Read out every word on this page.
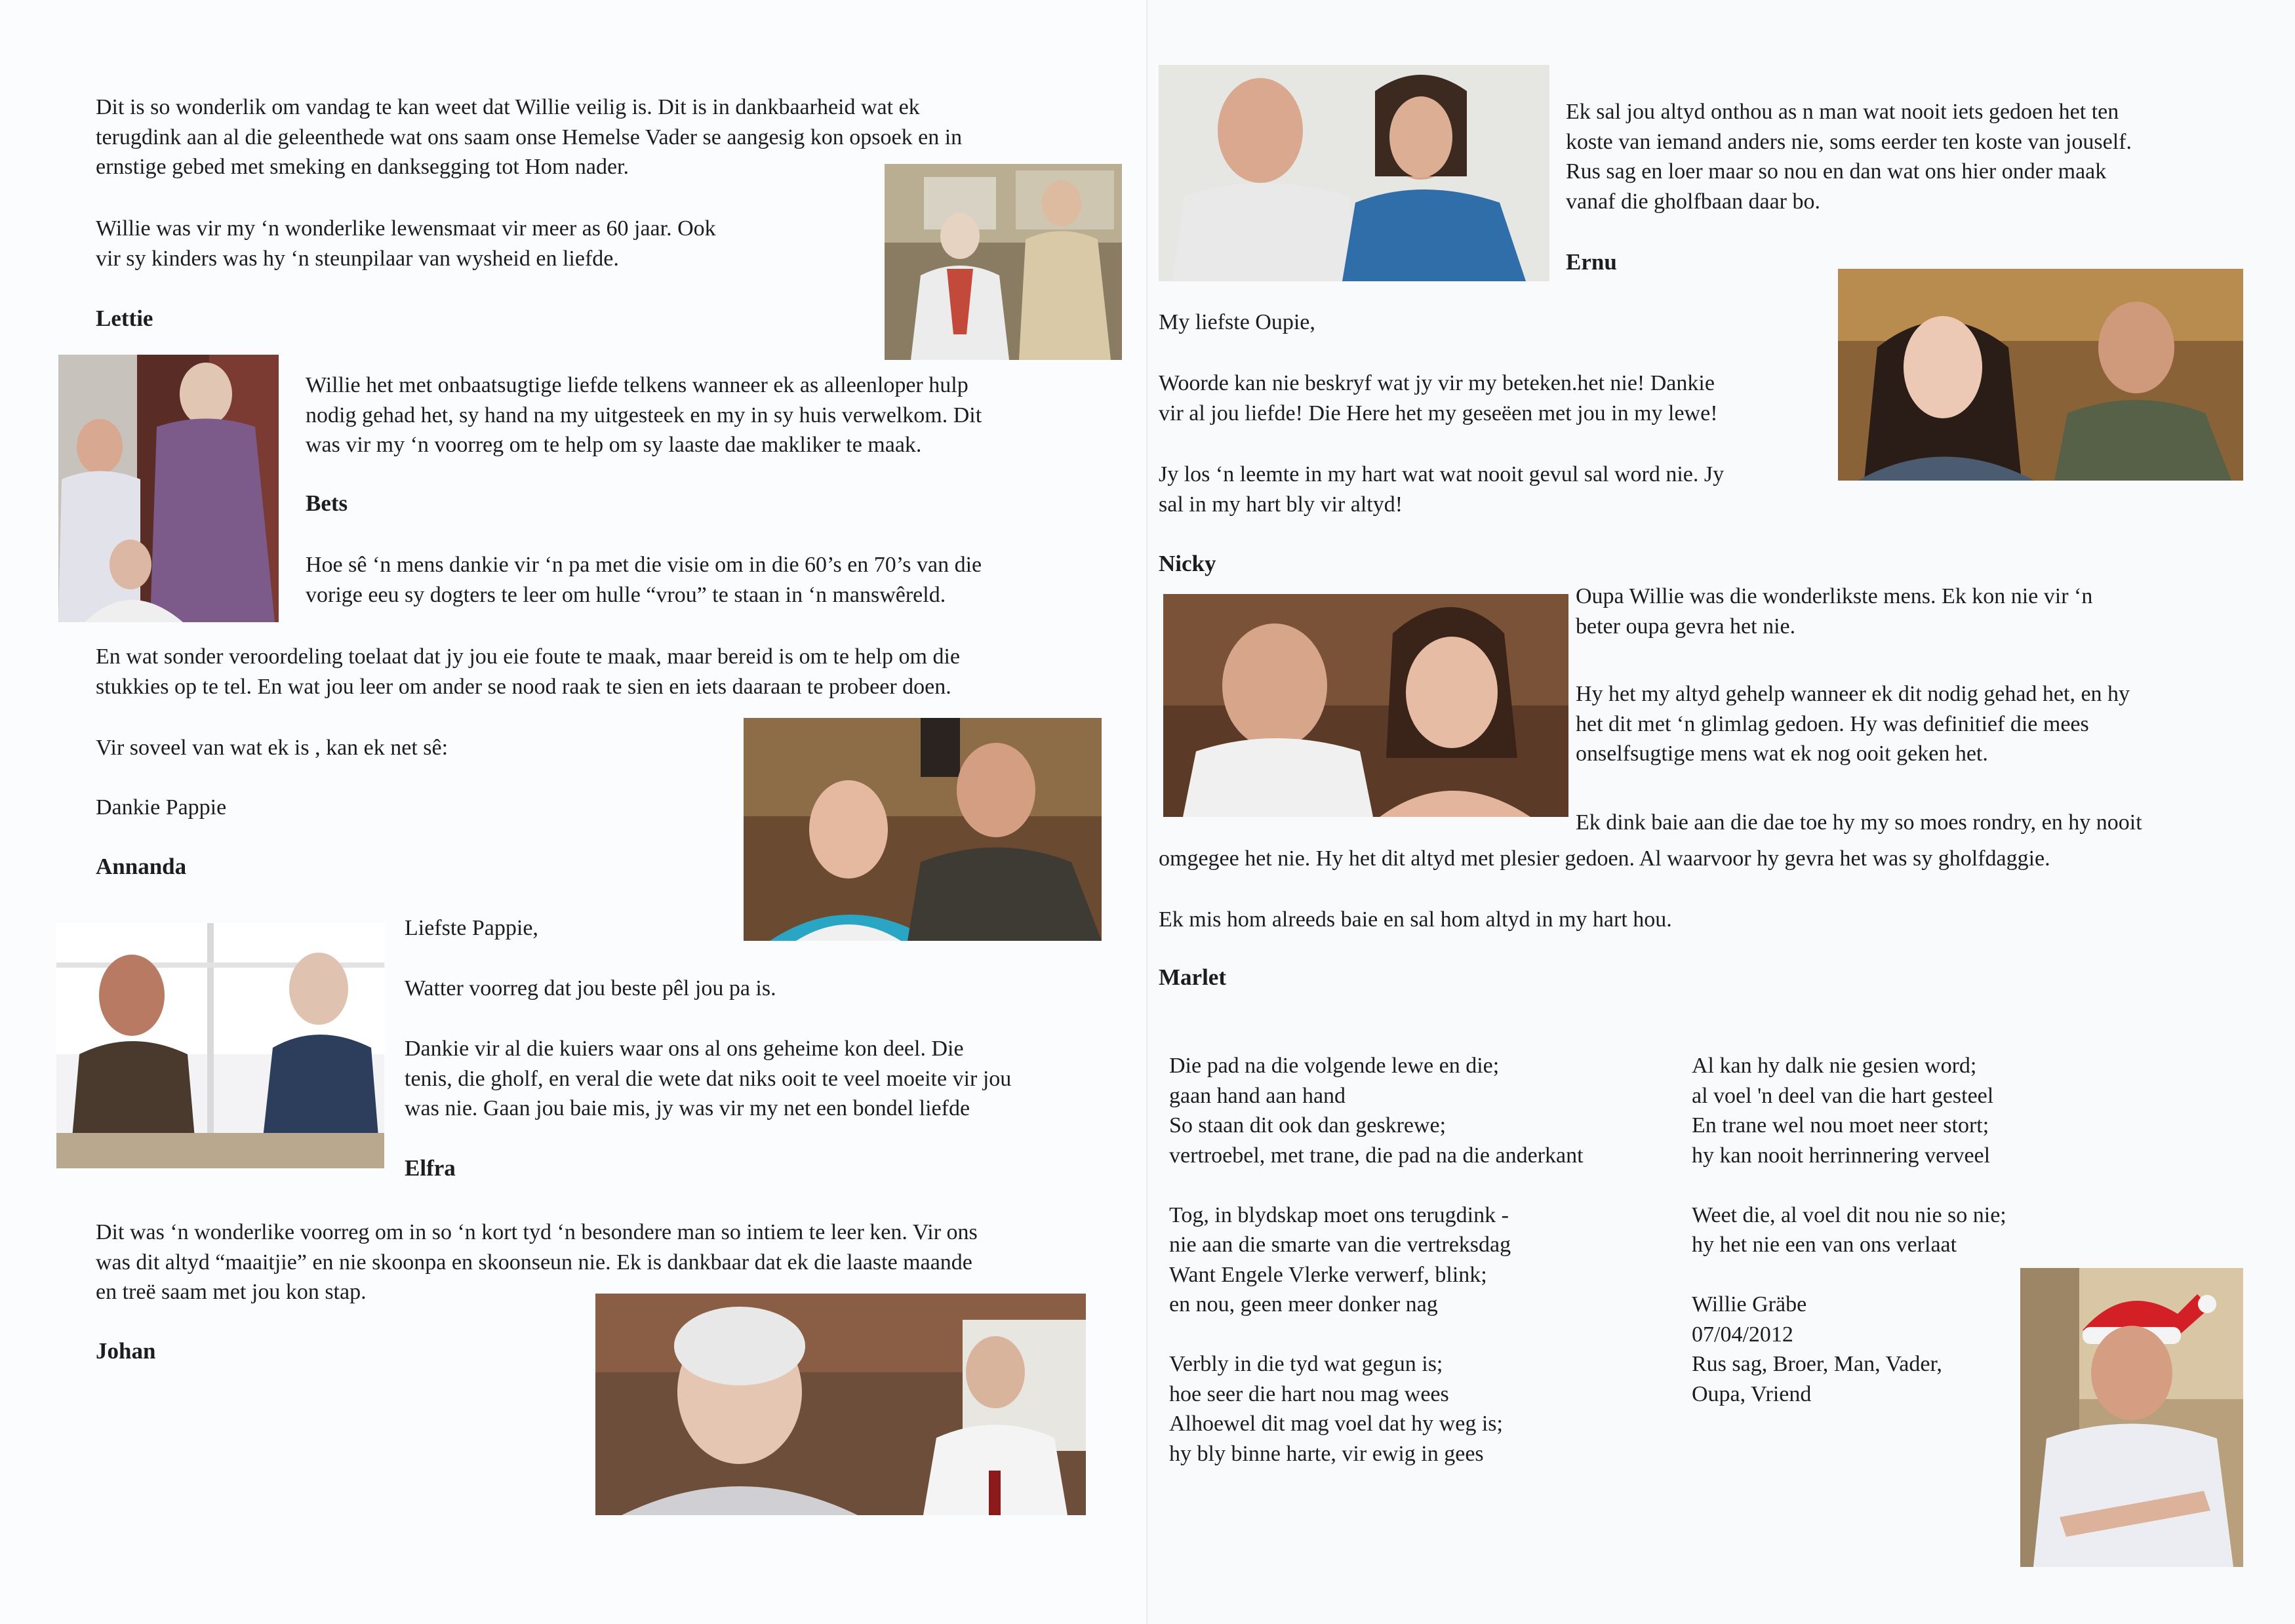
Dit is so wonderlik om vandag te kan weet dat Willie veilig is. Dit is in dankbaarheid wat ek
terugdink aan al die geleenthede wat ons saam onse Hemelse Vader se aangesig kon opsoek en in
ernstige gebed met smeking en danksegging tot Hom nader.
Willie was vir my ‘n wonderlike lewensmaat vir meer as 60 jaar. Ook
vir sy kinders was hy ‘n steunpilaar van wysheid en liefde.
Lettie
Willie het met onbaatsugtige liefde telkens wanneer ek as alleenloper hulp
nodig gehad het, sy hand na my uitgesteek en my in sy huis verwelkom. Dit
was vir my ‘n voorreg om te help om sy laaste dae makliker te maak.
Bets
Hoe sê ‘n mens dankie vir ‘n pa met die visie om in die 60’s en 70’s van die
vorige eeu sy dogters te leer om hulle “vrou” te staan in ‘n manswêreld.
En wat sonder veroordeling toelaat dat jy jou eie foute te maak, maar bereid is om te help om die
stukkies op te tel. En wat jou leer om ander se nood raak te sien en iets daaraan te probeer doen.
Vir soveel van wat ek is , kan ek net sê:
Dankie Pappie
Annanda
Liefste Pappie,
Watter voorreg dat jou beste pêl jou pa is.
Dankie vir al die kuiers waar ons al ons geheime kon deel. Die
tenis, die gholf, en veral die wete dat niks ooit te veel moeite vir jou
was nie. Gaan jou baie mis, jy was vir my net een bondel liefde
Elfra
Dit was ‘n wonderlike voorreg om in so ‘n kort tyd ‘n besondere man so intiem te leer ken. Vir ons
was dit altyd “maaitjie” en nie skoonpa en skoonseun nie. Ek is dankbaar dat ek die laaste maande
en treë saam met jou kon stap.
Johan
Ek sal jou altyd onthou as n man wat nooit iets gedoen het ten
koste van iemand anders nie, soms eerder ten koste van jouself.
Rus sag en loer maar so nou en dan wat ons hier onder maak
vanaf die gholfbaan daar bo.
Ernu
My liefste Oupie,
Woorde kan nie beskryf wat jy vir my beteken.het nie! Dankie
vir al jou liefde! Die Here het my geseëen met jou in my lewe!
Jy los ‘n leemte in my hart wat wat nooit gevul sal word nie. Jy
sal in my hart bly vir altyd!
Nicky
Oupa Willie was die wonderlikste mens. Ek kon nie vir ‘n
beter oupa gevra het nie.
Hy het my altyd gehelp wanneer ek dit nodig gehad het, en hy
het dit met ‘n glimlag gedoen. Hy was definitief die mees
onselfsugtige mens wat ek nog ooit geken het.
Ek dink baie aan die dae toe hy my so moes rondry, en hy nooit
omgegee het nie. Hy het dit altyd met plesier gedoen. Al waarvoor hy gevra het was sy gholfdaggie.
Ek mis hom alreeds baie en sal hom altyd in my hart hou.
Marlet
Die pad na die volgende lewe en die;
gaan hand aan hand
So staan dit ook dan geskrewe;
vertroebel, met trane, die pad na die anderkant

Tog, in blydskap moet ons terugdink -
nie aan die smarte van die vertreksdag
Want Engele Vlerke verwerf, blink;
en nou, geen meer donker nag

Verbly in die tyd wat gegun is;
hoe seer die hart nou mag wees
Alhoewel dit mag voel dat hy weg is;
hy bly binne harte, vir ewig in gees
Al kan hy dalk nie gesien word;
al voel 'n deel van die hart gesteel
En trane wel nou moet neer stort;
hy kan nooit herrinnering verveel

Weet die, al voel dit nou nie so nie;
hy het nie een van ons verlaat

Willie Gräbe
07/04/2012
Rus sag, Broer, Man, Vader,
Oupa, Vriend
